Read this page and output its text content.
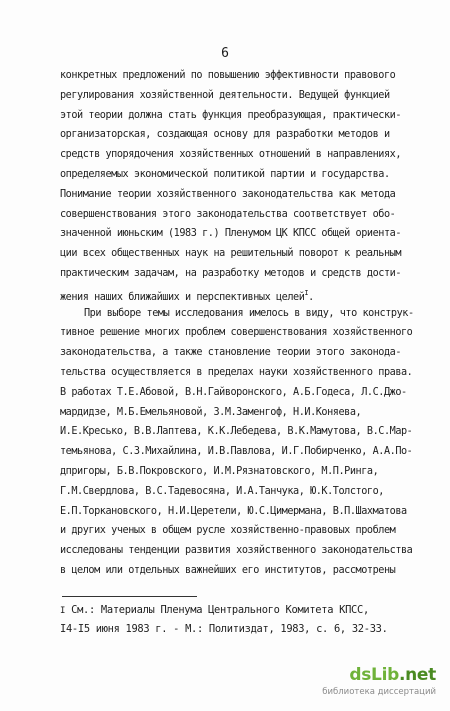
6
конкретных предложений по повышению эффективности правового
регулирования хозяйственной деятельности. Ведущей функцией
этой теории должна стать функция преобразующая, практически-
организаторская, создающая основу для разработки методов и
средств упорядочения хозяйственных отношений в направлениях,
определяемых экономической политикой партии и государства.
Понимание теории хозяйственного законодательства как метода
совершенствования этого законодательства соответствует обо-
значенной июньским (1983 г.) Пленумом ЦК КПСС общей ориента-
ции всех общественных наук на решительный поворот к реальным
практическим задачам, на разработку методов и средств дости-
жения наших ближайших и перспективных целей$^I$.
При выборе темы исследования имелось в виду, что конструк-
тивное решение многих проблем совершенствования хозяйственного
законодательства, а также становление теории этого законода-
тельства осуществляется в пределах науки хозяйственного права.
В работах Т.Е.Абовой, В.Н.Гайворонского, А.Б.Годеса, Л.С.Джо-
мардидзе, М.Б.Емельяновой, З.М.Заменгоф, Н.И.Коняева,
И.Е.Кресько, В.В.Лаптева, К.К.Лебедева, В.К.Мамутова, В.С.Мар-
темьянова, С.З.Михайлина, И.В.Павлова, И.Г.Побирченко, А.А.По-
дпригоры, Б.В.Покровского, И.М.Рязнатовского, М.П.Ринга,
Г.М.Свердлова, В.С.Тадевосяна, И.А.Танчука, Ю.К.Толстого,
Е.П.Торкановского, Н.И.Церетели, Ю.С.Цимермана, В.П.Шахматова
и других ученых в общем русле хозяйственно-правовых проблем
исследованы тенденции развития хозяйственного законодательства
в целом или отдельных важнейших его институтов, рассмотрены
I См.: Материалы Пленума Центрального Комитета КПСС,
I4-I5 июня 1983 г. - М.: Политиздат, 1983, с. 6, 32-33.
dsLib.net
библиотека диссертаций
